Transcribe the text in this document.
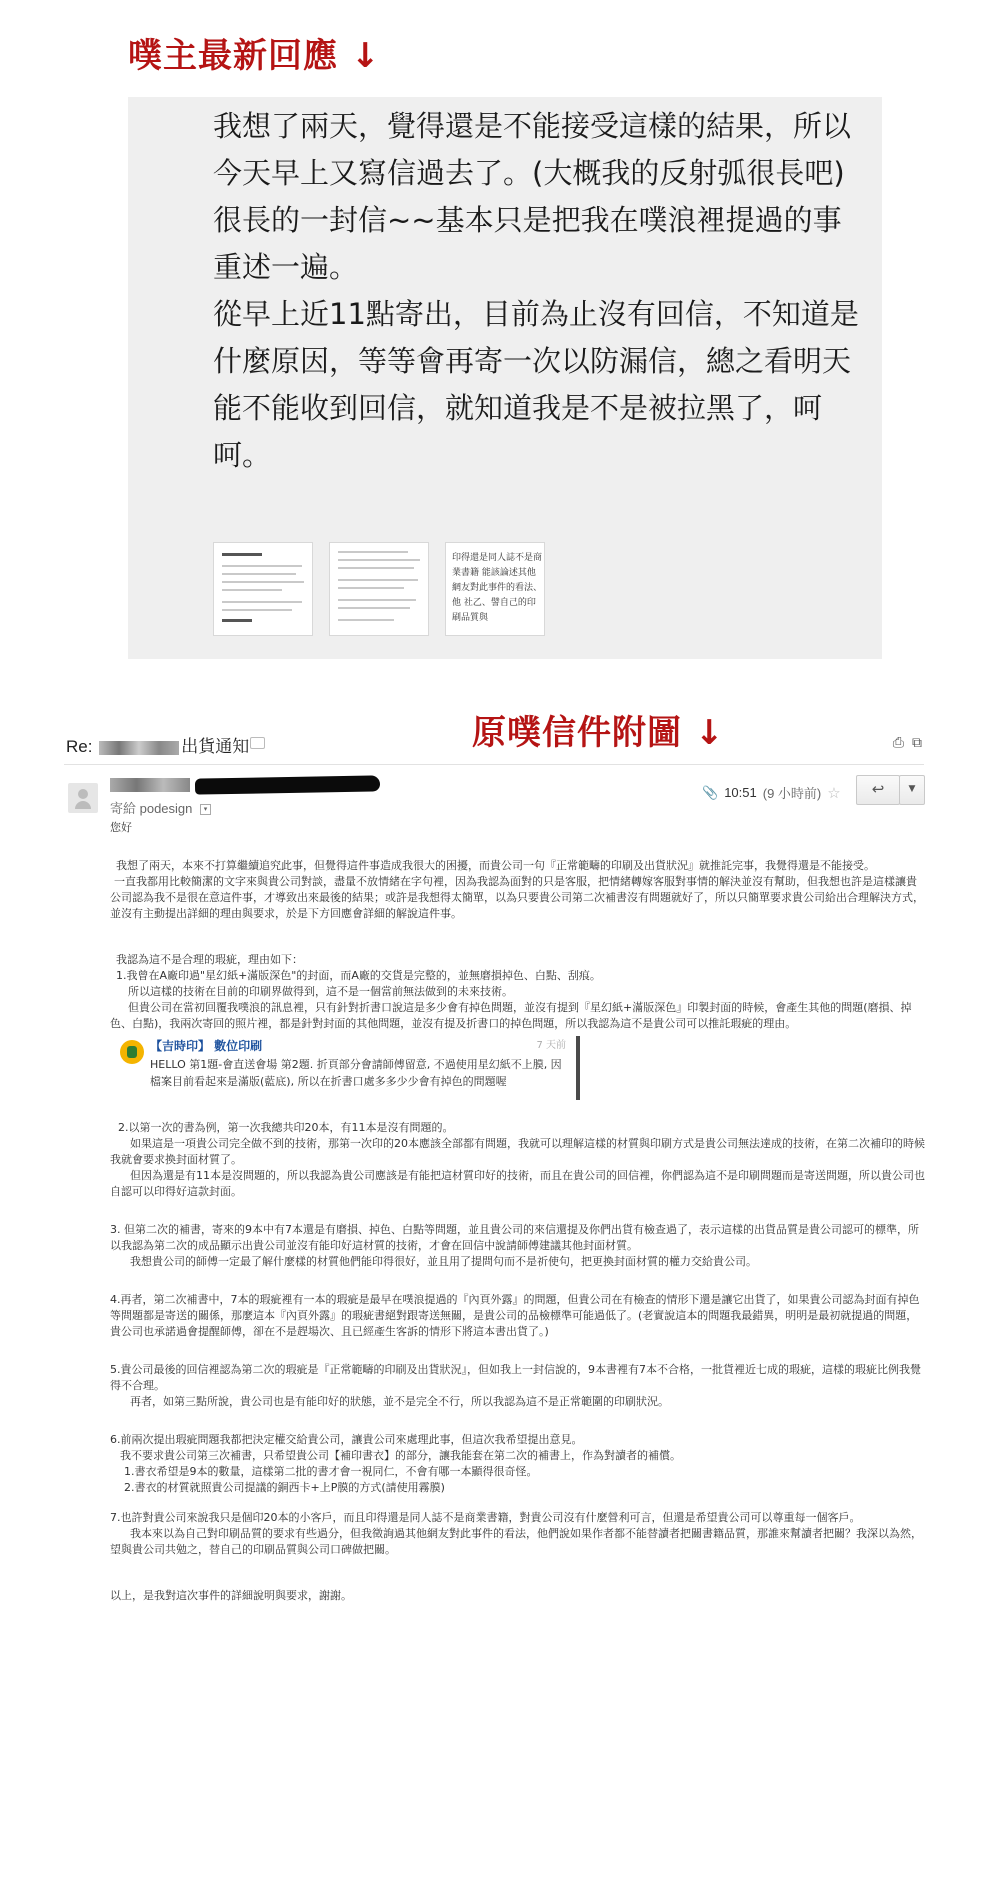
噗主最新回應 ↓

我想了兩天，覺得還是不能接受這樣的結果，所以今天早上又寫信過去了。(大概我的反射弧很長吧)

很長的一封信~~基本只是把我在噗浪裡提過的事重述一遍。

從早上近11點寄出，目前為止沒有回信，不知道是什麼原因，等等會再寄一次以防漏信，總之看明天能不能收到回信，就知道我是不是被拉黑了，呵呵。

印得還是同人誌不是商業書籍 能該論述其他網友對此事件的看法、他 社乙、譬自己的印刷品質與
原噗信件附圖 ↓
Re:	出貨通知	⎙ ⧉
寄給 podesign ▾
📎 10:51 (9 小時前) ☆	↩	▼

您好

我想了兩天，本來不打算繼續追究此事，但覺得這件事造成我很大的困擾，而貴公司一句『正常範疇的印刷及出貨狀況』就推託完事，我覺得還是不能接受。

一直我都用比較簡潔的文字來與貴公司對談，盡量不放情緒在字句裡，因為我認為面對的只是客服，把情緒轉嫁客服對事情的解決並沒有幫助，但我想也許是這樣讓貴公司認為我不是很在意這件事，才導致出來最後的結果；或許是我想得太簡單，以為只要貴公司第二次補書沒有問題就好了，所以只簡單要求貴公司給出合理解決方式，並沒有主動提出詳細的理由與要求，於是下方回應會詳細的解說這件事。

我認為這不是合理的瑕疵，理由如下：

1.我曾在A廠印過"星幻紙+滿版深色"的封面，而A廠的交貨是完整的，並無磨損掉色、白點、刮痕。

所以這樣的技術在目前的印刷界做得到，這不是一個當前無法做到的未來技術。

但貴公司在當初回覆我噗浪的訊息裡，只有針對折書口說這是多少會有掉色問題，並沒有提到『星幻紙+滿版深色』印製封面的時候，會產生其他的問題(磨損、掉色、白點)，我兩次寄回的照片裡，都是針對封面的其他問題，並沒有提及折書口的掉色問題，所以我認為這不是貴公司可以推託瑕疵的理由。

【吉時印】 數位印刷	7 天前
HELLO 第1題-會直送會場 第2題. 折頁部分會請師傅留意, 不過使用星幻紙不上膜, 因檔案目前看起來是滿版(藍底), 所以在折書口處多多少少會有掉色的問題喔

2.以第一次的書為例，第一次我總共印20本，有11本是沒有問題的。

如果這是一項貴公司完全做不到的技術，那第一次印的20本應該全部都有問題，我就可以理解這樣的材質與印刷方式是貴公司無法達成的技術，在第二次補印的時候我就會要求換封面材質了。

但因為還是有11本是沒問題的，所以我認為貴公司應該是有能把這材質印好的技術，而且在貴公司的回信裡，你們認為這不是印刷問題而是寄送問題，所以貴公司也自認可以印得好這款封面。

3. 但第二次的補書，寄來的9本中有7本還是有磨損、掉色、白點等問題，並且貴公司的來信還提及你們出貨有檢查過了，表示這樣的出貨品質是貴公司認可的標準，所以我認為第二次的成品顯示出貴公司並沒有能印好這材質的技術，才會在回信中說請師傅建議其他封面材質。

我想貴公司的師傅一定最了解什麼樣的材質他們能印得很好，並且用了提問句而不是祈使句，把更換封面材質的權力交給貴公司。

4.再者，第二次補書中，7本的瑕疵裡有一本的瑕疵是最早在噗浪提過的『內頁外露』的問題，但貴公司在有檢查的情形下還是讓它出貨了，如果貴公司認為封面有掉色等問題都是寄送的關係，那麼這本『內頁外露』的瑕疵書絕對跟寄送無關，是貴公司的品檢標準可能過低了。(老實說這本的問題我最錯異，明明是最初就提過的問題，貴公司也承諾過會提醒師傅，卻在不是趕場次、且已經產生客訴的情形下將這本書出貨了。)

5.貴公司最後的回信裡認為第二次的瑕疵是『正常範疇的印刷及出貨狀況』，但如我上一封信說的，9本書裡有7本不合格，一批貨裡近七成的瑕疵，這樣的瑕疵比例我覺得不合理。

再者，如第三點所說，貴公司也是有能印好的狀態，並不是完全不行，所以我認為這不是正常範圍的印刷狀況。

6.前兩次提出瑕疵問題我都把決定權交給貴公司，讓貴公司來處理此事，但這次我希望提出意見。

我不要求貴公司第三次補書，只希望貴公司【補印書衣】的部分，讓我能套在第二次的補書上，作為對讀者的補償。

1.書衣希望是9本的數量，這樣第二批的書才會一視同仁，不會有哪一本顯得很奇怪。

2.書衣的材質就照貴公司提議的銅西卡+上P膜的方式(請使用霧膜)

7.也許對貴公司來說我只是個印20本的小客戶，而且印得還是同人誌不是商業書籍，對貴公司沒有什麼營利可言，但還是希望貴公司可以尊重每一個客戶。

我本來以為自己對印刷品質的要求有些過分，但我徵詢過其他網友對此事件的看法，他們說如果作者都不能替讀者把關書籍品質，那誰來幫讀者把關？我深以為然，望與貴公司共勉之，替自己的印刷品質與公司口碑做把關。

以上，是我對這次事件的詳細說明與要求，謝謝。
